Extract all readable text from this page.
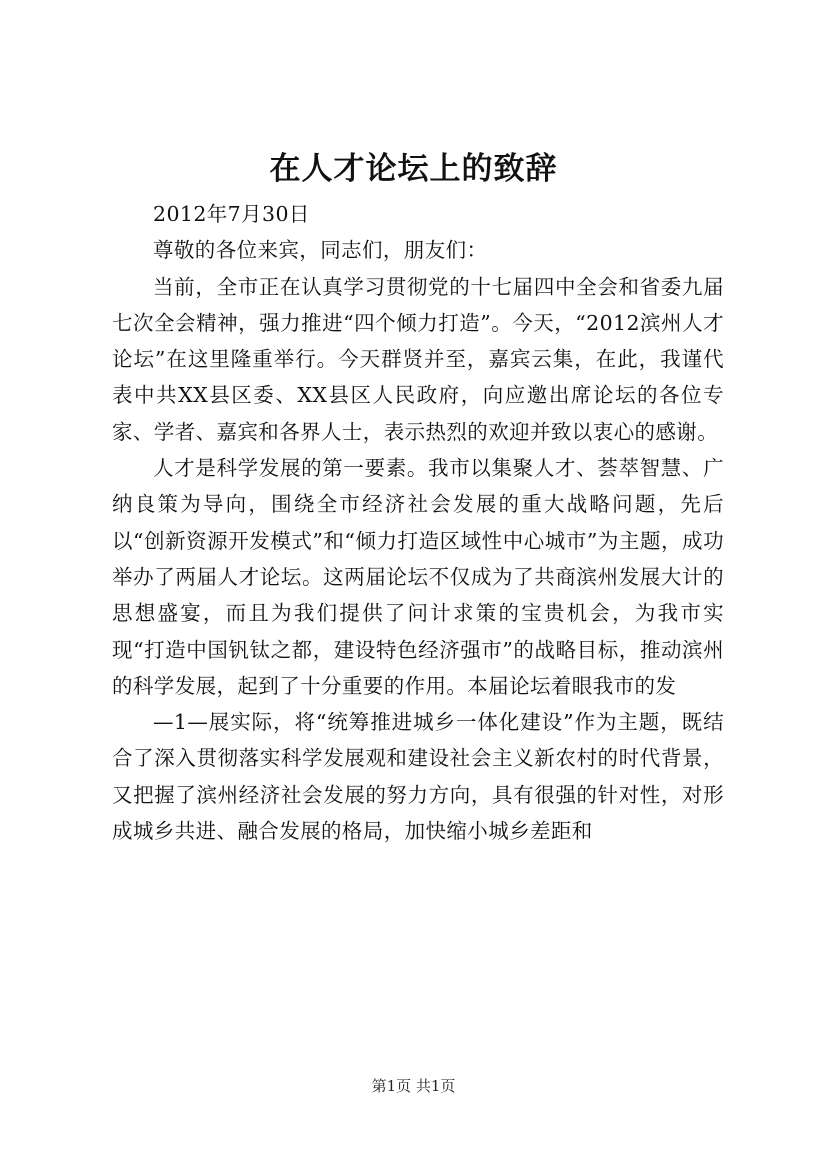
在人才论坛上的致辞

2012年7月30日

尊敬的各位来宾，同志们，朋友们：

当前，全市正在认真学习贯彻党的十七届四中全会和省委九届七次全会精神，强力推进“四个倾力打造”。今天，“2012滨州人才论坛”在这里隆重举行。今天群贤并至，嘉宾云集，在此，我谨代表中共XX县区委、XX县区人民政府，向应邀出席论坛的各位专家、学者、嘉宾和各界人士，表示热烈的欢迎并致以衷心的感谢。

人才是科学发展的第一要素。我市以集聚人才、荟萃智慧、广纳良策为导向，围绕全市经济社会发展的重大战略问题，先后以“创新资源开发模式”和“倾力打造区域性中心城市”为主题，成功举办了两届人才论坛。这两届论坛不仅成为了共商滨州发展大计的思想盛宴，而且为我们提供了问计求策的宝贵机会，为我市实现“打造中国钒钛之都，建设特色经济强市”的战略目标，推动滨州的科学发展，起到了十分重要的作用。本届论坛着眼我市的发

—1—展实际，将“统筹推进城乡一体化建设”作为主题，既结合了深入贯彻落实科学发展观和建设社会主义新农村的时代背景，又把握了滨州经济社会发展的努力方向，具有很强的针对性，对形成城乡共进、融合发展的格局，加快缩小城乡差距和

第1页 共1页
